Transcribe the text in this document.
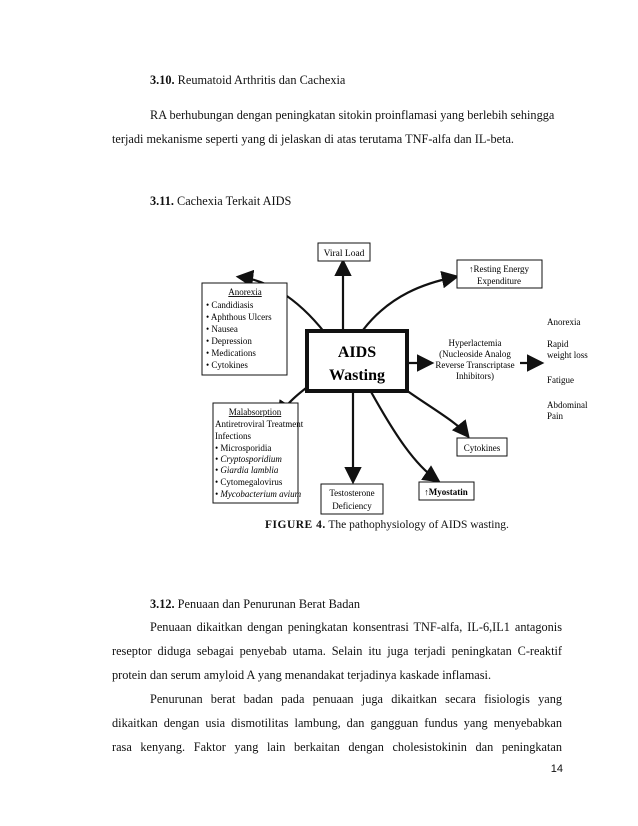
3.10. Reumatoid Arthritis dan Cachexia
RA berhubungan dengan peningkatan sitokin proinflamasi yang berlebih sehingga
terjadi mekanisme seperti yang di jelaskan di atas terutama TNF-alfa dan IL-beta.
3.11. Cachexia Terkait AIDS
Viral Load
↑Resting Energy
Expenditure
Anorexia
• Candidiasis
• Aphthous Ulcers
• Nausea
• Depression
• Medications
• Cytokines
AIDS
Wasting
Hyperlactemia
(Nucleoside Analog
Reverse Transcriptase
Inhibitors)
Anorexia
Rapid
weight loss
Fatigue
Abdominal
Pain
Malabsorption
Antiretroviral Treatment
Infections
• Microsporidia
• Cryptosporidium
• Giardia lamblia
• Cytomegalovirus
• Mycobacterium avium
Cytokines
↑Myostatin
Testosterone
Deficiency
FIGURE 4. The pathophysiology of AIDS wasting.
3.12. Penuaan dan Penurunan Berat Badan
Penuaan dikaitkan dengan peningkatan konsentrasi TNF-alfa, IL-6,IL1 antagonis
reseptor diduga sebagai penyebab utama. Selain itu juga terjadi peningkatan C-reaktif
protein dan serum amyloid A yang menandakat terjadinya kaskade inflamasi.
Penurunan berat badan pada penuaan juga dikaitkan secara fisiologis yang
dikaitkan dengan usia dismotilitas lambung, dan gangguan fundus yang menyebabkan
rasa kenyang. Faktor yang lain berkaitan dengan cholesistokinin dan peningkatan
14
